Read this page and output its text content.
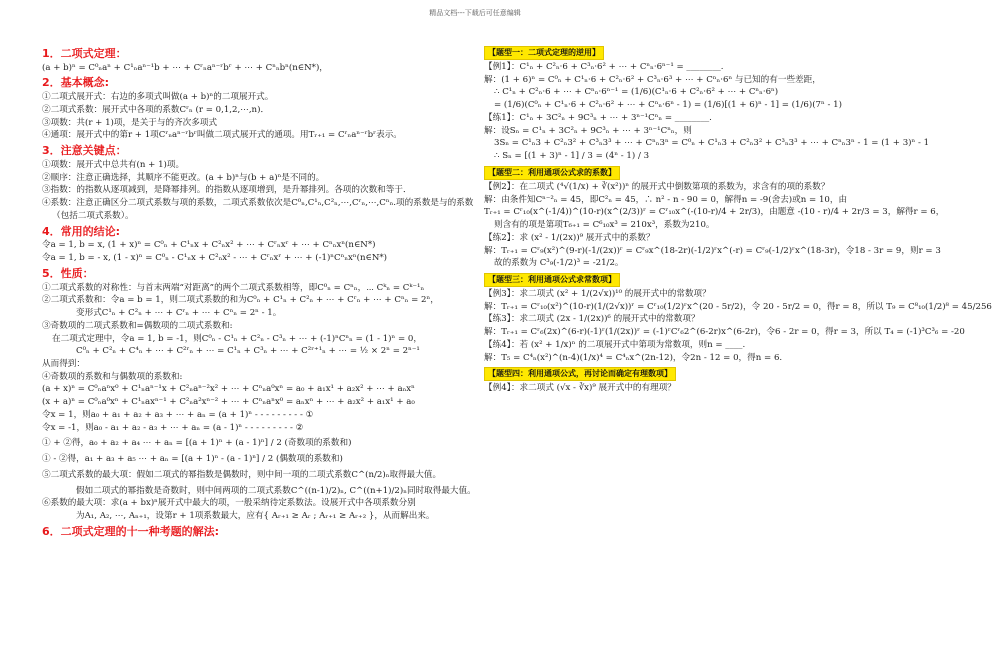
精品文档---下载后可任意编辑
1．二项式定理：
(a + b)ⁿ = C⁰ₙaⁿ + C¹ₙaⁿ⁻¹b + ⋯ + Cʳₙaⁿ⁻ʳbʳ + ⋯ + Cⁿₙbⁿ(n∈N*)，
2．基本概念:
①二项式展开式：右边的多项式叫做(a + b)ⁿ的二项展开式。
②二项式系数：展开式中各项的系数Cʳₙ (r = 0,1,2,⋯,n)．
③项数：共(r + 1)项，是关于与的齐次多项式
④通项：展开式中的第r + 1项Cʳₙaⁿ⁻ʳbʳ叫做二项式展开式的通项。用Tᵣ₊₁ = Cʳₙaⁿ⁻ʳbʳ表示。
3．注意关键点：
①项数：展开式中总共有(n + 1)项。
②顺序：注意正确选择，其顺序不能更改。(a + b)ⁿ与(b + a)ⁿ是不同的。
③指数：的指数从逐项减到，是降幂排列。的指数从逐项增到，是升幂排列。各项的次数和等于．
④系数：注意正确区分二项式系数与项的系数，二项式系数依次是C⁰ₙ,C¹ₙ,C²ₙ,⋯,Cʳₙ,⋯,Cⁿₙ.项的系数是与的系数
（包括二项式系数）。
4．常用的结论:
令a = 1, b = x, (1 + x)ⁿ = C⁰ₙ + C¹ₙx + C²ₙx² + ⋯ + Cʳₙxʳ + ⋯ + Cⁿₙxⁿ(n∈N*)
令a = 1, b = - x, (1 - x)ⁿ = C⁰ₙ - C¹ₙx + C²ₙx² - ⋯ + Cʳₙxʳ + ⋯ + (-1)ⁿCⁿₙxⁿ(n∈N*)
5．性质：
①二项式系数的对称性：与首末两端“对距离”的两个二项式系数相等，即C⁰ₙ = Cⁿₙ，⋯ Cᵏₙ = Cᵏ⁻¹ₙ
②二项式系数和：令a = b = 1，则二项式系数的和为C⁰ₙ + C¹ₙ + C²ₙ + ⋯ + Cʳₙ + ⋯ + Cⁿₙ = 2ⁿ，
变形式C¹ₙ + C²ₙ + ⋯ + Cʳₙ + ⋯ + Cⁿₙ = 2ⁿ - 1。
③奇数项的二项式系数和=偶数项的二项式系数和:
在二项式定理中，令a = 1, b = -1，则C⁰ₙ - C¹ₙ + C²ₙ - C³ₙ + ⋯ + (-1)ⁿCⁿₙ = (1 - 1)ⁿ = 0，
C⁰ₙ + C²ₙ + C⁴ₙ + ⋯ + C²ʳₙ + ⋯ = C¹ₙ + C³ₙ + ⋯ + C²ʳ⁺¹ₙ + ⋯ = ½ × 2ⁿ = 2ⁿ⁻¹
从而得到：
④奇数项的系数和与偶数项的系数和:
(a + x)ⁿ = C⁰ₙaⁿx⁰ + C¹ₙaⁿ⁻¹x + C²ₙaⁿ⁻²x² + ⋯ + Cⁿₙa⁰xⁿ = a₀ + a₁x¹ + a₂x² + ⋯ + aₙxⁿ
(x + a)ⁿ = C⁰ₙa⁰xⁿ + C¹ₙaxⁿ⁻¹ + C²ₙa²xⁿ⁻² + ⋯ + Cⁿₙaⁿx⁰ = aₙxⁿ + ⋯ + a₂x² + a₁x¹ + a₀
令x = 1，则a₀ + a₁ + a₂ + a₃ + ⋯ + aₙ = (a + 1)ⁿ - - - - - - - - - ①
令x = -1，则a₀ - a₁ + a₂ - a₃ + ⋯ + aₙ = (a - 1)ⁿ - - - - - - - - - ②
① + ②得，a₀ + a₂ + a₄ ⋯ + aₙ = [(a + 1)ⁿ + (a - 1)ⁿ] / 2 (奇数项的系数和)
① - ②得，a₁ + a₃ + a₅ ⋯ + aₙ = [(a + 1)ⁿ - (a - 1)ⁿ] / 2 (偶数项的系数和)
⑤二项式系数的最大项：假如二项式的幂指数是偶数时，则中间一项的二项式系数C^(n/2)ₙ取得最大值。
假如二项式的幂指数是奇数时，则中间两项的二项式系数C^((n-1)/2)ₙ, C^((n+1)/2)ₙ同时取得最大值。
⑥系数的最大项：求(a + bx)ⁿ展开式中最大的项，一般采纳待定系数法。设展开式中各项系数分别
为A₁, A₂, ⋯, Aₙ₊₁，设第r + 1项系数最大，应有{ Aᵣ₊₁ ≥ Aᵣ ; Aᵣ₊₁ ≥ Aᵣ₊₂ }，从而解出来。
6．二项式定理的十一种考题的解法:
【题型一：二项式定理的逆用】
【例1】：C¹ₙ + C²ₙ·6 + C³ₙ·6² + ⋯ + Cⁿₙ·6ⁿ⁻¹ = ________.
解：(1 + 6)ⁿ = C⁰ₙ + C¹ₙ·6 + C²ₙ·6² + C³ₙ·6³ + ⋯ + Cⁿₙ·6ⁿ 与已知的有一些差距，
∴ C¹ₙ + C²ₙ·6 + ⋯ + Cⁿₙ·6ⁿ⁻¹ = (1/6)(C¹ₙ·6 + C²ₙ·6² + ⋯ + Cⁿₙ·6ⁿ)
= (1/6)(C⁰ₙ + C¹ₙ·6 + C²ₙ·6² + ⋯ + Cⁿₙ·6ⁿ - 1) = (1/6)[(1 + 6)ⁿ - 1] = (1/6)(7ⁿ - 1)
【练1】：C¹ₙ + 3C²ₙ + 9C³ₙ + ⋯ + 3ⁿ⁻¹Cⁿₙ = ________.
解：设Sₙ = C¹ₙ + 3C²ₙ + 9C³ₙ + ⋯ + 3ⁿ⁻¹Cⁿₙ，则
3Sₙ = C¹ₙ3 + C²ₙ3² + C³ₙ3³ + ⋯ + Cⁿₙ3ⁿ = C⁰ₙ + C¹ₙ3 + C²ₙ3² + C³ₙ3³ + ⋯ + Cⁿₙ3ⁿ - 1 = (1 + 3)ⁿ - 1
∴ Sₙ = [(1 + 3)ⁿ - 1] / 3 = (4ⁿ - 1) / 3
【题型二：利用通项公式求的系数】
【例2】：在二项式 (⁴√(1/x) + ∛(x²))ⁿ 的展开式中倒数第项的系数为，求含有的项的系数？
解：由条件知Cⁿ⁻²ₙ = 45，即C²ₙ = 45，∴ n² - n - 90 = 0，解得n = -9(舍去)或n = 10，由
Tᵣ₊₁ = Cʳ₁₀(x^(-1/4))^(10-r)(x^(2/3))ʳ = Cʳ₁₀x^(-(10-r)/4 + 2r/3)，由题意 -(10 - r)/4 + 2r/3 = 3，解得r = 6，
则含有的项是第项T₆₊₁ = C⁶₁₀x³ = 210x³，系数为210。
【练2】：求 (x² - 1/(2x))⁹ 展开式中的系数？
解：Tᵣ₊₁ = Cʳ₉(x²)^(9-r)(-1/(2x))ʳ = Cʳ₉x^(18-2r)(-1/2)ʳx^(-r) = Cʳ₉(-1/2)ʳx^(18-3r)，令18 - 3r = 9，则r = 3
故的系数为 C³₉(-1/2)³ = -21/2。
【题型三：利用通项公式求常数项】
【例3】：求二项式 (x² + 1/(2√x))¹⁰ 的展开式中的常数项？
解：Tᵣ₊₁ = Cʳ₁₀(x²)^(10-r)(1/(2√x))ʳ = Cʳ₁₀(1/2)ʳx^(20 - 5r/2)，令 20 - 5r/2 = 0，得r = 8，所以 T₉ = C⁸₁₀(1/2)⁸ = 45/256
【练3】：求二项式 (2x - 1/(2x))⁶ 的展开式中的常数项？
解：Tᵣ₊₁ = Cʳ₆(2x)^(6-r)(-1)ʳ(1/(2x))ʳ = (-1)ʳCʳ₆2^(6-2r)x^(6-2r)，令6 - 2r = 0，得r = 3，所以 T₄ = (-1)³C³₆ = -20
【练4】：若 (x² + 1/x)ⁿ 的二项展开式中第项为常数项，则n = ____.
解：T₅ = C⁴ₙ(x²)^(n-4)(1/x)⁴ = C⁴ₙx^(2n-12)，令2n - 12 = 0，得n = 6.
【题型四：利用通项公式，再讨论而确定有理数项】
【例4】：求二项式 (√x - ∛x)⁹ 展开式中的有理项？
